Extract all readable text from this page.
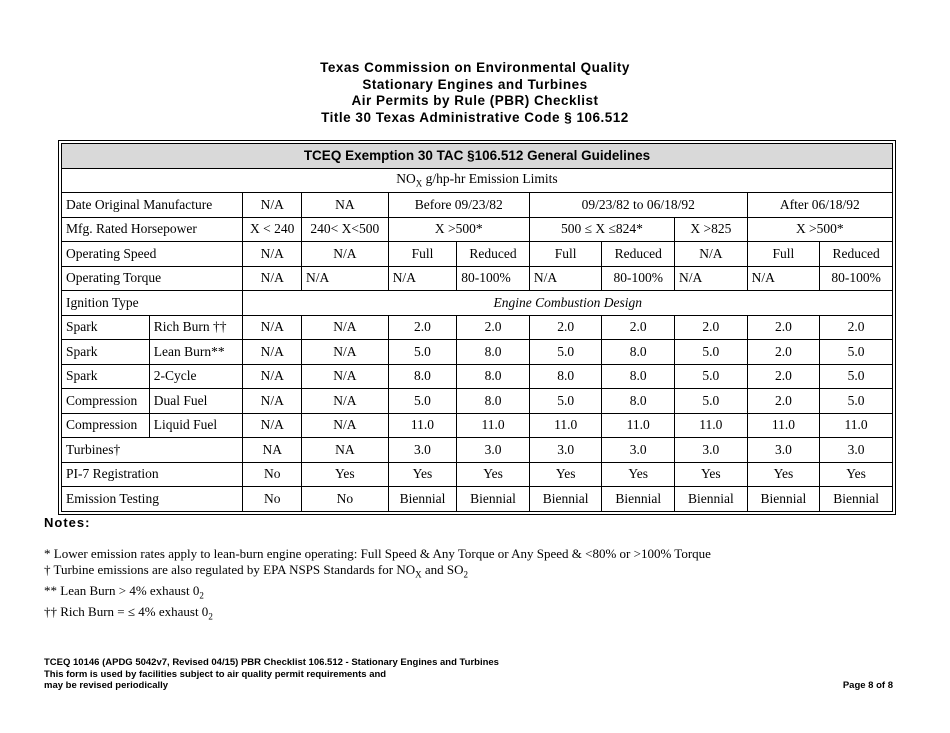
Texas Commission on Environmental Quality
Stationary Engines and Turbines
Air Permits by Rule (PBR) Checklist
Title 30 Texas Administrative Code § 106.512
TCEQ Exemption 30 TAC §106.512 General Guidelines										
$NO_X$ g/hp-hr Emission Limits										
Date Original Manufacture		N/A	NA	Before 09/23/82		09/23/82 to 06/18/92			After 06/18/92	
Mfg. Rated Horsepower		X < 240	240< X<500	X >500*		500 ≤ X ≤824*		X >825	X >500*	
Operating Speed		N/A	N/A	Full	Reduced	Full	Reduced	N/A	Full	Reduced
Operating Torque		N/A	N/A	N/A	80-100%	N/A	80-100%	N/A	N/A	80-100%
Ignition Type		Engine Combustion Design								
Spark	Rich Burn ††	N/A	N/A	2.0	2.0	2.0	2.0	2.0	2.0	2.0
Spark	Lean Burn**	N/A	N/A	5.0	8.0	5.0	8.0	5.0	2.0	5.0
Spark	2-Cycle	N/A	N/A	8.0	8.0	8.0	8.0	5.0	2.0	5.0
Compression	Dual Fuel	N/A	N/A	5.0	8.0	5.0	8.0	5.0	2.0	5.0
Compression	Liquid Fuel	N/A	N/A	11.0	11.0	11.0	11.0	11.0	11.0	11.0
Turbines†		NA	NA	3.0	3.0	3.0	3.0	3.0	3.0	3.0
PI-7 Registration		No	Yes	Yes	Yes	Yes	Yes	Yes	Yes	Yes
Emission Testing		No	No	Biennial	Biennial	Biennial	Biennial	Biennial	Biennial	Biennial
Notes:
* Lower emission rates apply to lean-burn engine operating: Full Speed & Any Torque or Any Speed & <80% or >100% Torque
† Turbine emissions are also regulated by EPA NSPS Standards for $NO_X$ and $SO_2$
** Lean Burn > 4% exhaust $0_2$
†† Rich Burn = ≤ 4% exhaust $0_2$
TCEQ 10146 (APDG 5042v7, Revised 04/15) PBR Checklist 106.512 - Stationary Engines and Turbines
This form is used by facilities subject to air quality permit requirements and
may be revised periodically	Page 8 of 8
